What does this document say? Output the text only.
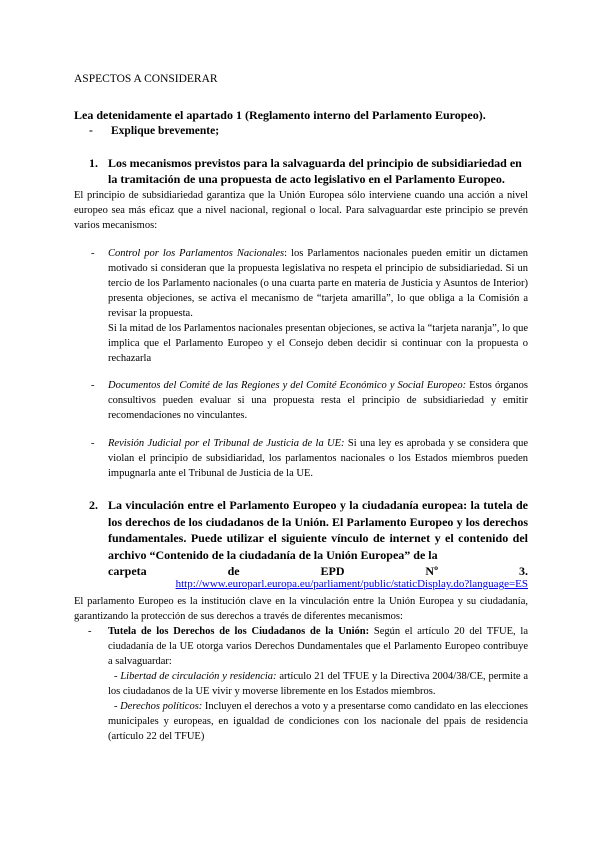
ASPECTOS A CONSIDERAR
Lea detenidamente el apartado 1 (Reglamento interno del Parlamento Europeo).
- Explique brevemente;
1. Los mecanismos previstos para la salvaguarda del principio de subsidiariedad en la tramitación de una propuesta de acto legislativo en el Parlamento Europeo.
El principio de subsidiariedad garantiza que la Unión Europea sólo interviene cuando una acción a nivel europeo sea más eficaz que a nivel nacional, regional o local. Para salvaguardar este principio se prevén varios mecanismos:
- Control por los Parlamentos Nacionales: los Parlamentos nacionales pueden emitir un dictamen motivado si consideran que la propuesta legislativa no respeta el principio de subsidiariedad. Si un tercio de los Parlamento nacionales (o una cuarta parte en materia de Justicia y Asuntos de Interior) presenta objeciones, se activa el mecanismo de “tarjeta amarilla”, lo que obliga a la Comisión a revisar la propuesta.

Si la mitad de los Parlamentos nacionales presentan objeciones, se activa la “tarjeta naranja”, lo que implica que el Parlamento Europeo y el Consejo deben decidir si continuar con la propuesta o rechazarla

- Documentos del Comité de las Regiones y del Comité Económico y Social Europeo: Estos órganos consultivos pueden evaluar si una propuesta resta el principio de subsidiariedad y emitir recomendaciones no vinculantes.

- Revisión Judicial por el Tribunal de Justicia de la UE: Si una ley es aprobada y se considera que violan el principio de subsidiaridad, los parlamentos nacionales o los Estados miembros pueden impugnarla ante el Tribunal de Justicia de la UE.

2. La vinculación entre el Parlamento Europeo y la ciudadanía europea: la tutela de los derechos de los ciudadanos de la Unión. El Parlamento Europeo y los derechos fundamentales. Puede utilizar el siguiente vínculo de internet y el contenido del archivo “Contenido de la ciudadanía de la Unión Europea” de la
carpeta	de	EPD	Nº	3.
http://www.europarl.europa.eu/parliament/public/staticDisplay.do?language=ES
El parlamento Europeo es la institución clave en la vinculación entre la Unión Europea y su ciudadanía, garantizando la protección de sus derechos a través de diferentes mecanismos:
- Tutela de los Derechos de los Ciudadanos de la Unión: Según el artículo 20 del TFUE, la ciudadanía de la UE otorga varios Derechos Dundamentales que el Parlamento Europeo contribuye a salvaguardar:

- Libertad de circulación y residencia: artículo 21 del TFUE y la Directiva 2004/38/CE, permite a los ciudadanos de la UE vivir y moverse libremente en los Estados miembros.
- Derechos políticos: Incluyen el derechos a voto y a presentarse como candidato en las elecciones municipales y europeas, en igualdad de condiciones con los nacionale del ppais de residencia (artículo 22 del TFUE)
